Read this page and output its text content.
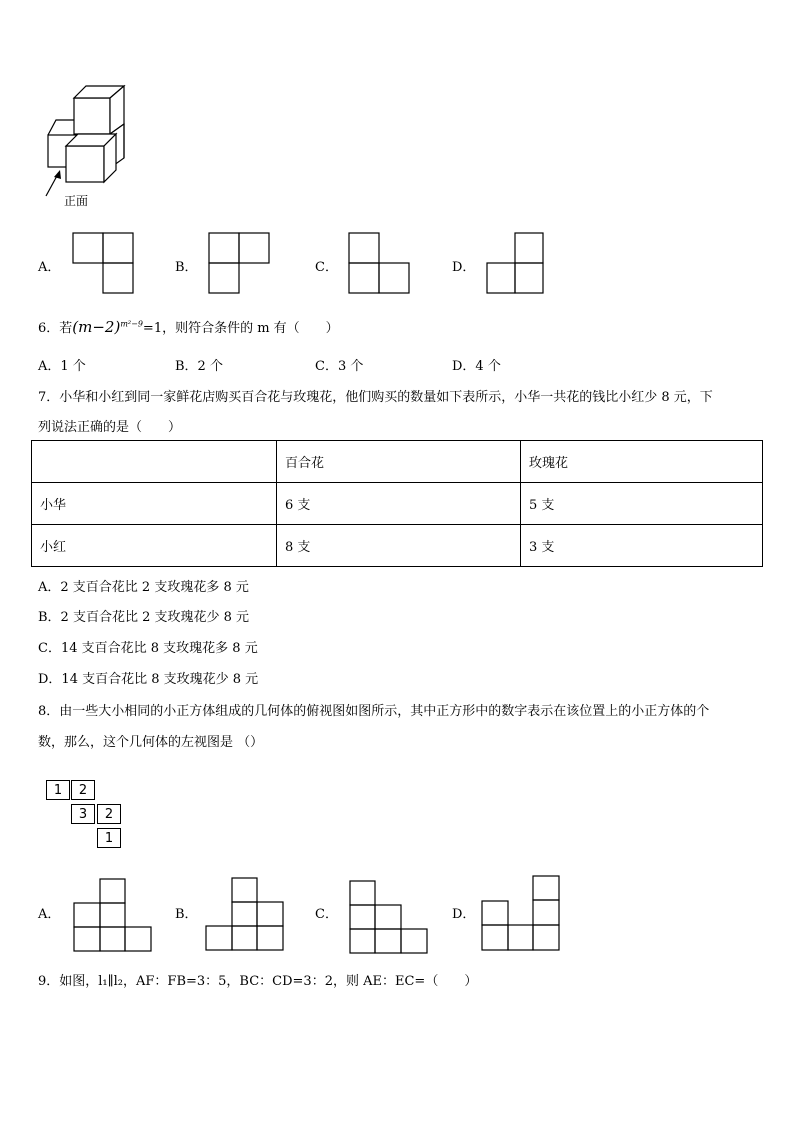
正面
A．	B．	C．	D．
6．若$(m-2)^{m^2-9}=1$，则符合条件的 m 有（　　）
A．1 个	B．2 个	C．3 个	D．4 个
7．小华和小红到同一家鲜花店购买百合花与玫瑰花，他们购买的数量如下表所示，小华一共花的钱比小红少 8 元，下
列说法正确的是（　　）
	百合花	玫瑰花
小华	6 支	5 支
小红	8 支	3 支
A．2 支百合花比 2 支玫瑰花多 8 元
B．2 支百合花比 2 支玫瑰花少 8 元
C．14 支百合花比 8 支玫瑰花多 8 元
D．14 支百合花比 8 支玫瑰花少 8 元
8．由一些大小相同的小正方体组成的几何体的俯视图如图所示，其中正方形中的数字表示在该位置上的小正方体的个
数，那么，这个几何体的左视图是 （）
1	2
3	2
1
A．	B．	C．	D．
9．如图，l₁∥l₂，AF：FB=3：5，BC：CD=3：2，则 AE：EC=（　　）
